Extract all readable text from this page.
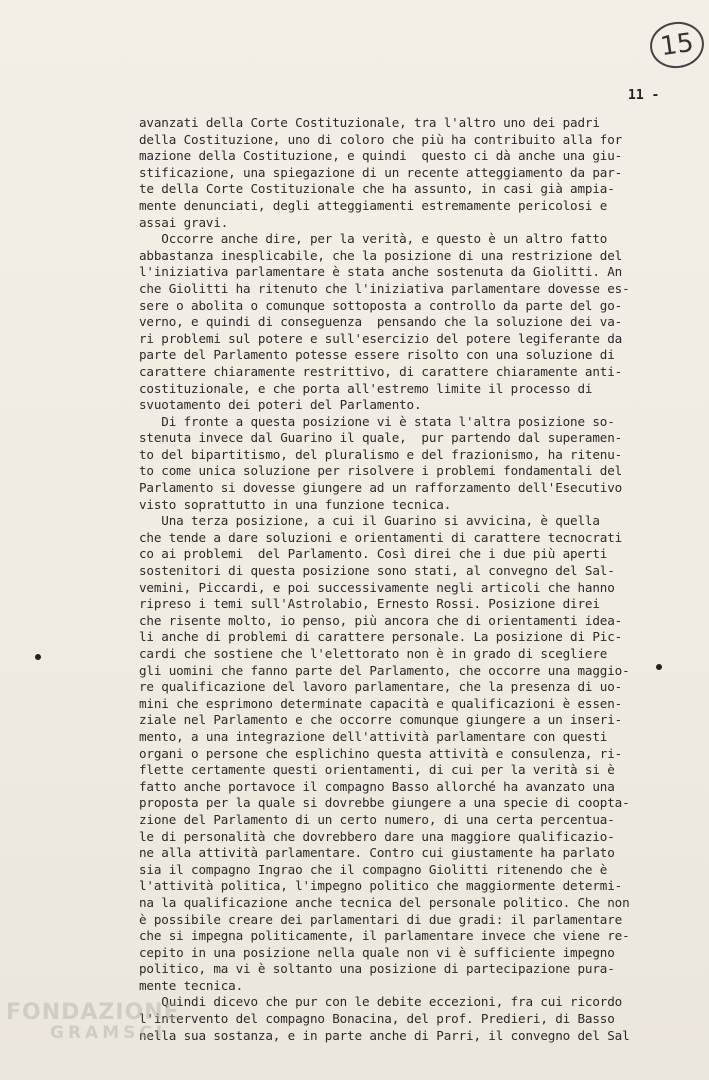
15
11 -

avanzati della Corte Costituzionale, tra l'altro uno dei padri

della Costituzione, uno di coloro che più ha contribuito alla for

mazione della Costituzione, e quindi  questo ci dà anche una giu-

stificazione, una spiegazione di un recente atteggiamento da par-

te della Corte Costituzionale che ha assunto, in casi già ampia-

mente denunciati, degli atteggiamenti estremamente pericolosi e

assai gravi.

Occorre anche dire, per la verità, e questo è un altro fatto

abbastanza inesplicabile, che la posizione di una restrizione del

l'iniziativa parlamentare è stata anche sostenuta da Giolitti. An

che Giolitti ha ritenuto che l'iniziativa parlamentare dovesse es-

sere o abolita o comunque sottoposta a controllo da parte del go-

verno, e quindi di conseguenza  pensando che la soluzione dei va-

ri problemi sul potere e sull'esercizio del potere legiferante da

parte del Parlamento potesse essere risolto con una soluzione di

carattere chiaramente restrittivo, di carattere chiaramente anti-

costituzionale, e che porta all'estremo limite il processo di

svuotamento dei poteri del Parlamento.

Di fronte a questa posizione vi è stata l'altra posizione so-

stenuta invece dal Guarino il quale,  pur partendo dal superamen-

to del bipartitismo, del pluralismo e del frazionismo, ha ritenu-

to come unica soluzione per risolvere i problemi fondamentali del

Parlamento si dovesse giungere ad un rafforzamento dell'Esecutivo

visto soprattutto in una funzione tecnica.

Una terza posizione, a cui il Guarino si avvicina, è quella

che tende a dare soluzioni e orientamenti di carattere tecnocrati

co ai problemi  del Parlamento. Così direi che i due più aperti

sostenitori di questa posizione sono stati, al convegno del Sal-

vemini, Piccardi, e poi successivamente negli articoli che hanno

ripreso i temi sull'Astrolabio, Ernesto Rossi. Posizione direi

che risente molto, io penso, più ancora che di orientamenti idea-

li anche di problemi di carattere personale. La posizione di Pic-

cardi che sostiene che l'elettorato non è in grado di scegliere

gli uomini che fanno parte del Parlamento, che occorre una maggio-

re qualificazione del lavoro parlamentare, che la presenza di uo-

mini che esprimono determinate capacità e qualificazioni è essen-

ziale nel Parlamento e che occorre comunque giungere a un inseri-

mento, a una integrazione dell'attività parlamentare con questi

organi o persone che esplichino questa attività e consulenza, ri-

flette certamente questi orientamenti, di cui per la verità si è

fatto anche portavoce il compagno Basso allorché ha avanzato una

proposta per la quale si dovrebbe giungere a una specie di coopta-

zione del Parlamento di un certo numero, di una certa percentua-

le di personalità che dovrebbero dare una maggiore qualificazio-

ne alla attività parlamentare. Contro cui giustamente ha parlato

sia il compagno Ingrao che il compagno Giolitti ritenendo che è

l'attività politica, l'impegno politico che maggiormente determi-

na la qualificazione anche tecnica del personale politico. Che non

è possibile creare dei parlamentari di due gradi: il parlamentare

che si impegna politicamente, il parlamentare invece che viene re-

cepito in una posizione nella quale non vi è sufficiente impegno

politico, ma vi è soltanto una posizione di partecipazione pura-

mente tecnica.

Quindi dicevo che pur con le debite eccezioni, fra cui ricordo

l'intervento del compagno Bonacina, del prof. Predieri, di Basso

nella sua sostanza, e in parte anche di Parri, il convegno del Sal

FONDAZIONE
GRAMSCI
